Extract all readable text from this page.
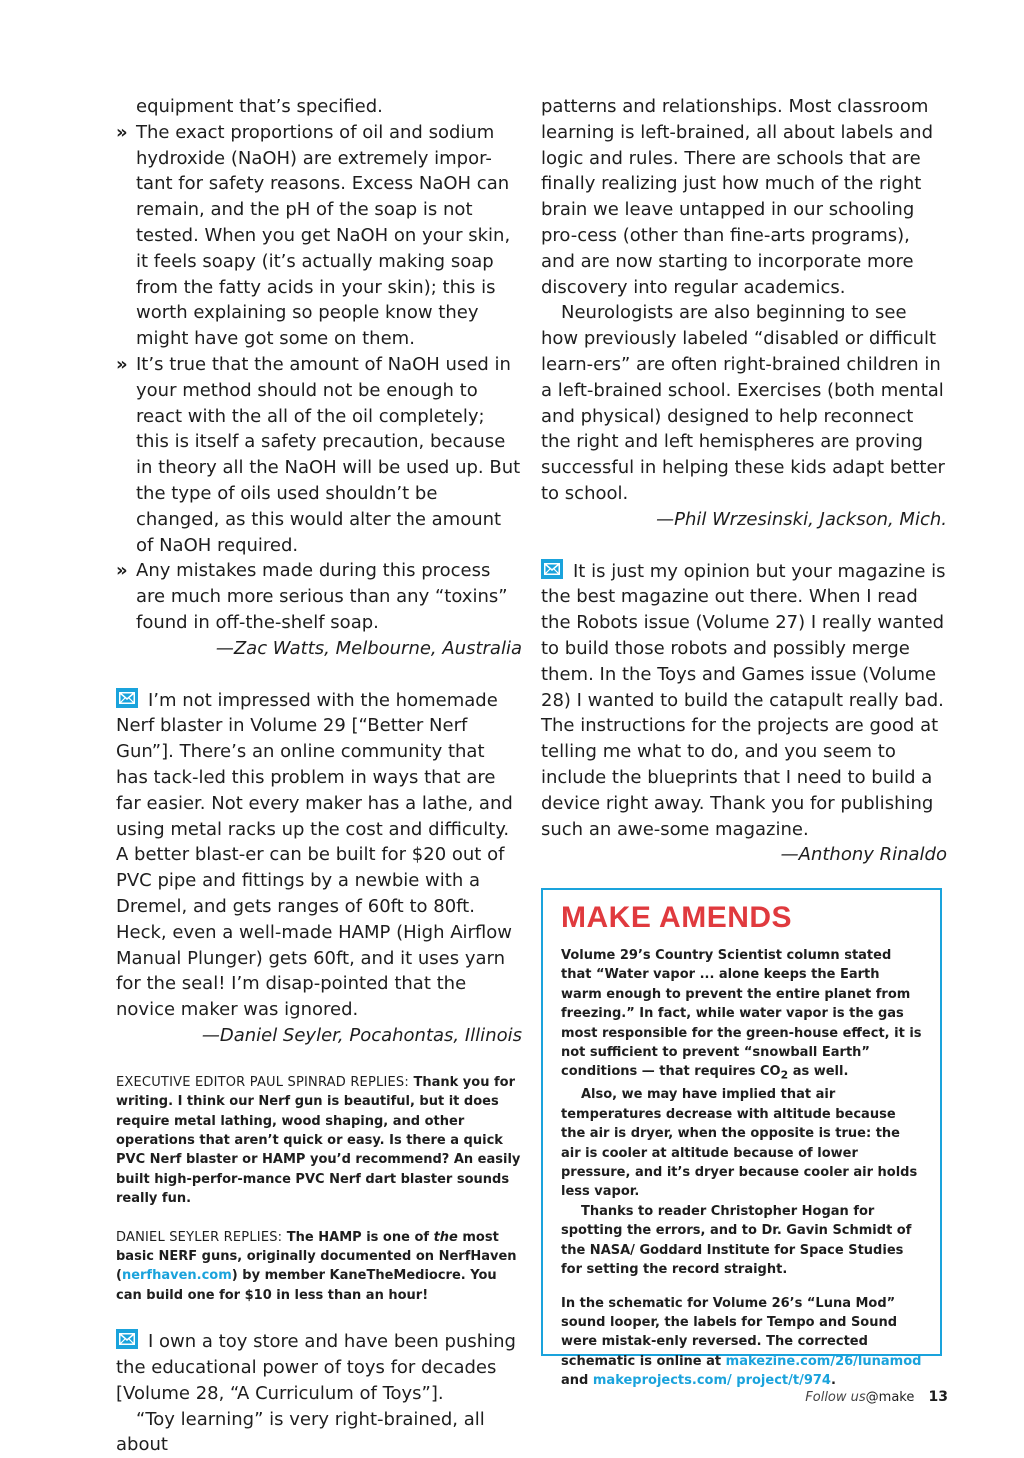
equipment that’s specified.

» The exact proportions of oil and sodium hydroxide (NaOH) are extremely impor-tant for safety reasons. Excess NaOH can remain, and the pH of the soap is not tested. When you get NaOH on your skin, it feels soapy (it’s actually making soap from the fatty acids in your skin); this is worth explaining so people know they might have got some on them.
» It’s true that the amount of NaOH used in your method should not be enough to react with the all of the oil completely; this is itself a safety precaution, because in theory all the NaOH will be used up. But the type of oils used shouldn’t be changed, as this would alter the amount of NaOH required.
» Any mistakes made during this process are much more serious than any “toxins” found in off-the-shelf soap.

—Zac Watts, Melbourne, Australia

I’m not impressed with the homemade Nerf blaster in Volume 29 [“Better Nerf Gun”]. There’s an online community that has tack-led this problem in ways that are far easier. Not every maker has a lathe, and using metal racks up the cost and difficulty. A better blast-er can be built for $20 out of PVC pipe and fittings by a newbie with a Dremel, and gets ranges of 60ft to 80ft. Heck, even a well-made HAMP (High Airflow Manual Plunger) gets 60ft, and it uses yarn for the seal! I’m disap-pointed that the novice maker was ignored.

—Daniel Seyler, Pocahontas, Illinois

EXECUTIVE EDITOR PAUL SPINRAD REPLIES: Thank you for writing. I think our Nerf gun is beautiful, but it does require metal lathing, wood shaping, and other operations that aren’t quick or easy. Is there a quick PVC Nerf blaster or HAMP you’d recommend? An easily built high-perfor-mance PVC Nerf dart blaster sounds really fun.

DANIEL SEYLER REPLIES: The HAMP is one of the most basic NERF guns, originally documented on NerfHaven (nerfhaven.com) by member KaneTheMediocre. You can build one for $10 in less than an hour!

I own a toy store and have been pushing the educational power of toys for decades [Volume 28, “A Curriculum of Toys”].

“Toy learning” is very right-brained, all about

patterns and relationships. Most classroom learning is left-brained, all about labels and logic and rules. There are schools that are finally realizing just how much of the right brain we leave untapped in our schooling pro-cess (other than fine-arts programs), and are now starting to incorporate more discovery into regular academics.

Neurologists are also beginning to see how previously labeled “disabled or difficult learn-ers” are often right-brained children in a left-brained school. Exercises (both mental and physical) designed to help reconnect the right and left hemispheres are proving successful in helping these kids adapt better to school.

—Phil Wrzesinski, Jackson, Mich.

It is just my opinion but your magazine is the best magazine out there. When I read the Robots issue (Volume 27) I really wanted to build those robots and possibly merge them. In the Toys and Games issue (Volume 28) I wanted to build the catapult really bad. The instructions for the projects are good at telling me what to do, and you seem to include the blueprints that I need to build a device right away. Thank you for publishing such an awe-some magazine.

—Anthony Rinaldo

MAKE AMENDS

Volume 29’s Country Scientist column stated that “Water vapor ... alone keeps the Earth warm enough to prevent the entire planet from freezing.” In fact, while water vapor is the gas most responsible for the green-house effect, it is not sufficient to prevent “snowball Earth” conditions — that requires $CO_2$ as well.

Also, we may have implied that air temperatures decrease with altitude because the air is dryer, when the opposite is true: the air is cooler at altitude because of lower pressure, and it’s dryer because cooler air holds less vapor.

Thanks to reader Christopher Hogan for spotting the errors, and to Dr. Gavin Schmidt of the NASA/ Goddard Institute for Space Studies for setting the record straight.

In the schematic for Volume 26’s “Luna Mod” sound looper, the labels for Tempo and Sound were mistak-enly reversed. The corrected schematic is online at makezine.com/26/lunamod and makeprojects.com/ project/t/974.

Follow us@make 13
